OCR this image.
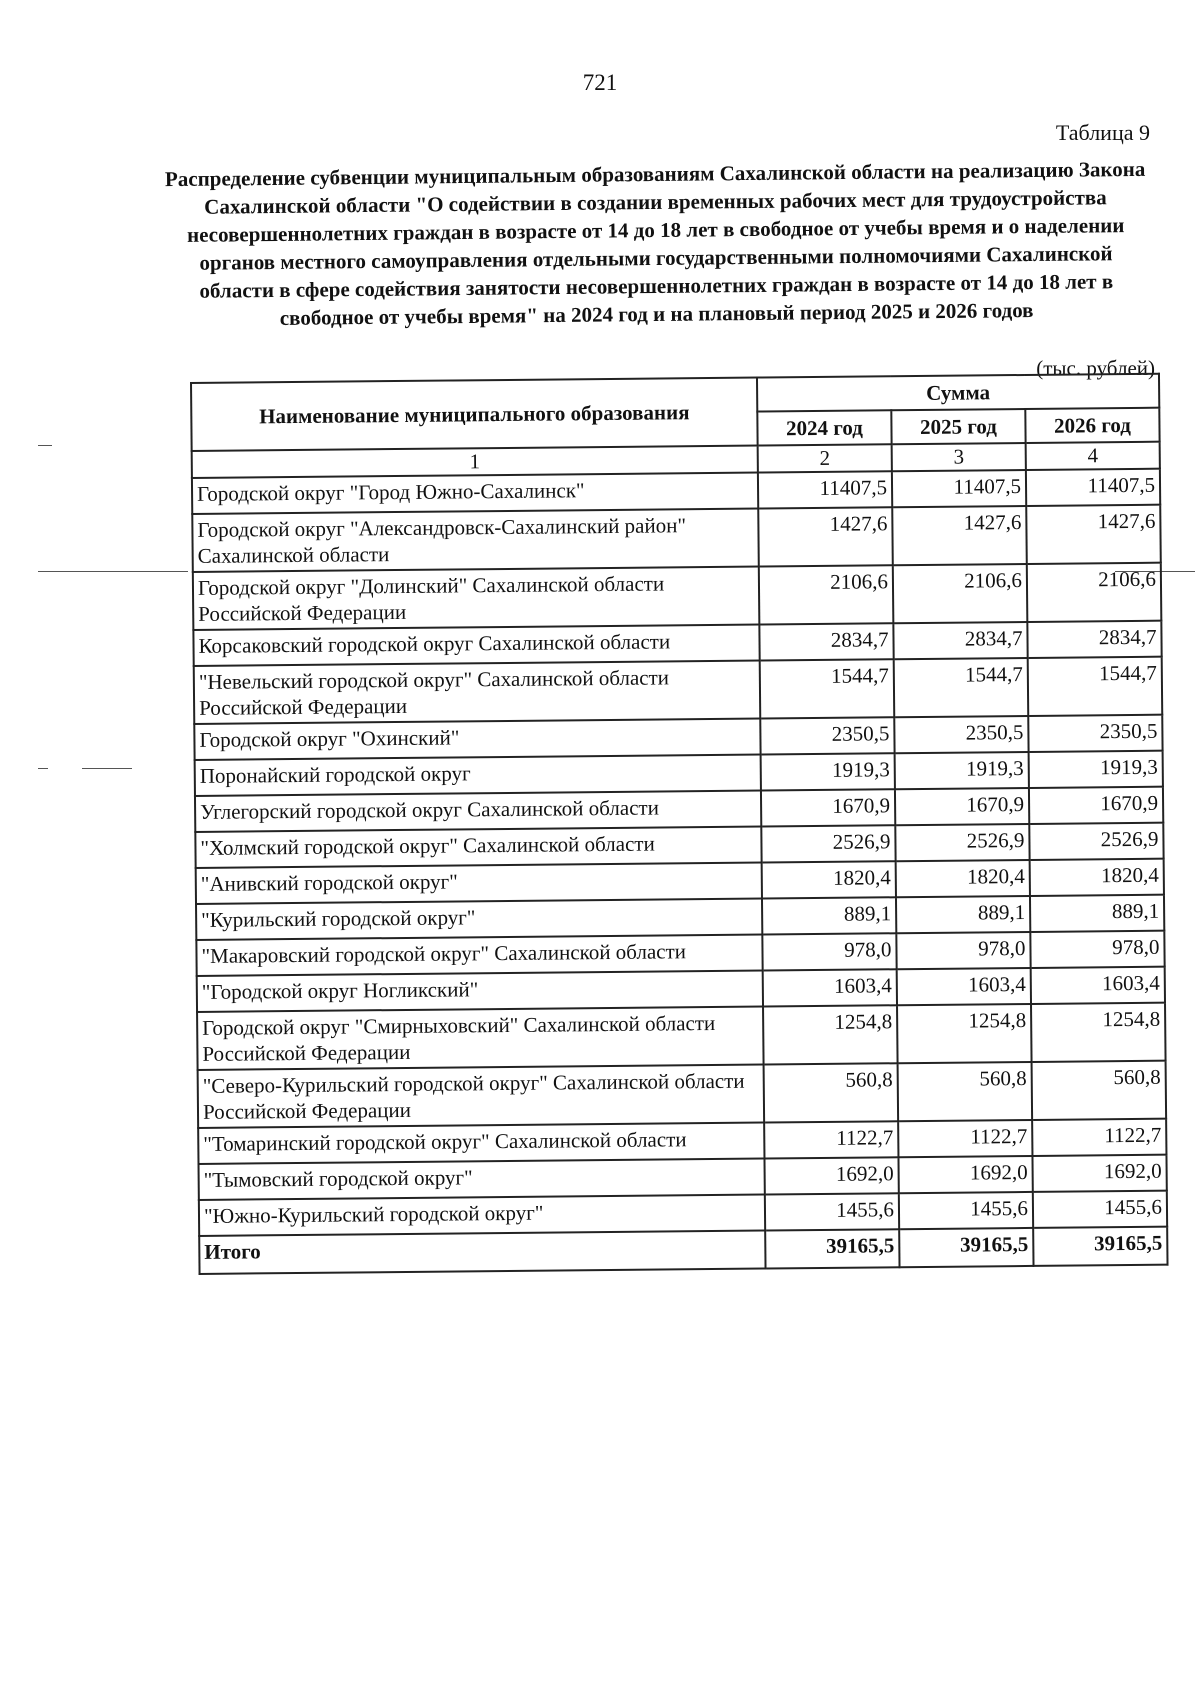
721
Таблица 9
Распределение субвенции муниципальным образованиям Сахалинской области на реализацию Закона Сахалинской области "О содействии в создании временных рабочих мест для трудоустройства несовершеннолетних граждан в возрасте от 14 до 18 лет в свободное от учебы время и о наделении органов местного самоуправления отдельными государственными полномочиями Сахалинской области в сфере содействия занятости несовершеннолетних граждан в возрасте от 14 до 18 лет в свободное от учебы время" на 2024 год и на плановый период 2025 и 2026 годов
(тыс. рублей)
Наименование муниципального образования	Сумма		
	2024 год	2025 год	2026 год
1	2	3	4
Городской округ "Город Южно-Сахалинск"	11407,5	11407,5	11407,5
Городской округ "Александровск-Сахалинский район" Сахалинской области	1427,6	1427,6	1427,6
Городской округ "Долинский" Сахалинской области Российской Федерации	2106,6	2106,6	2106,6
Корсаковский городской округ Сахалинской области	2834,7	2834,7	2834,7
"Невельский городской округ" Сахалинской области Российской Федерации	1544,7	1544,7	1544,7
Городской округ "Охинский"	2350,5	2350,5	2350,5
Поронайский городской округ	1919,3	1919,3	1919,3
Углегорский городской округ Сахалинской области	1670,9	1670,9	1670,9
"Холмский городской округ" Сахалинской области	2526,9	2526,9	2526,9
"Анивский городской округ"	1820,4	1820,4	1820,4
"Курильский городской округ"	889,1	889,1	889,1
"Макаровский городской округ" Сахалинской области	978,0	978,0	978,0
"Городской округ Ногликский"	1603,4	1603,4	1603,4
Городской округ "Смирныховский" Сахалинской области Российской Федерации	1254,8	1254,8	1254,8
"Северо-Курильский городской округ" Сахалинской области Российской Федерации	560,8	560,8	560,8
"Томаринский городской округ" Сахалинской области	1122,7	1122,7	1122,7
"Тымовский городской округ"	1692,0	1692,0	1692,0
"Южно-Курильский городской округ"	1455,6	1455,6	1455,6
Итого	39165,5	39165,5	39165,5
